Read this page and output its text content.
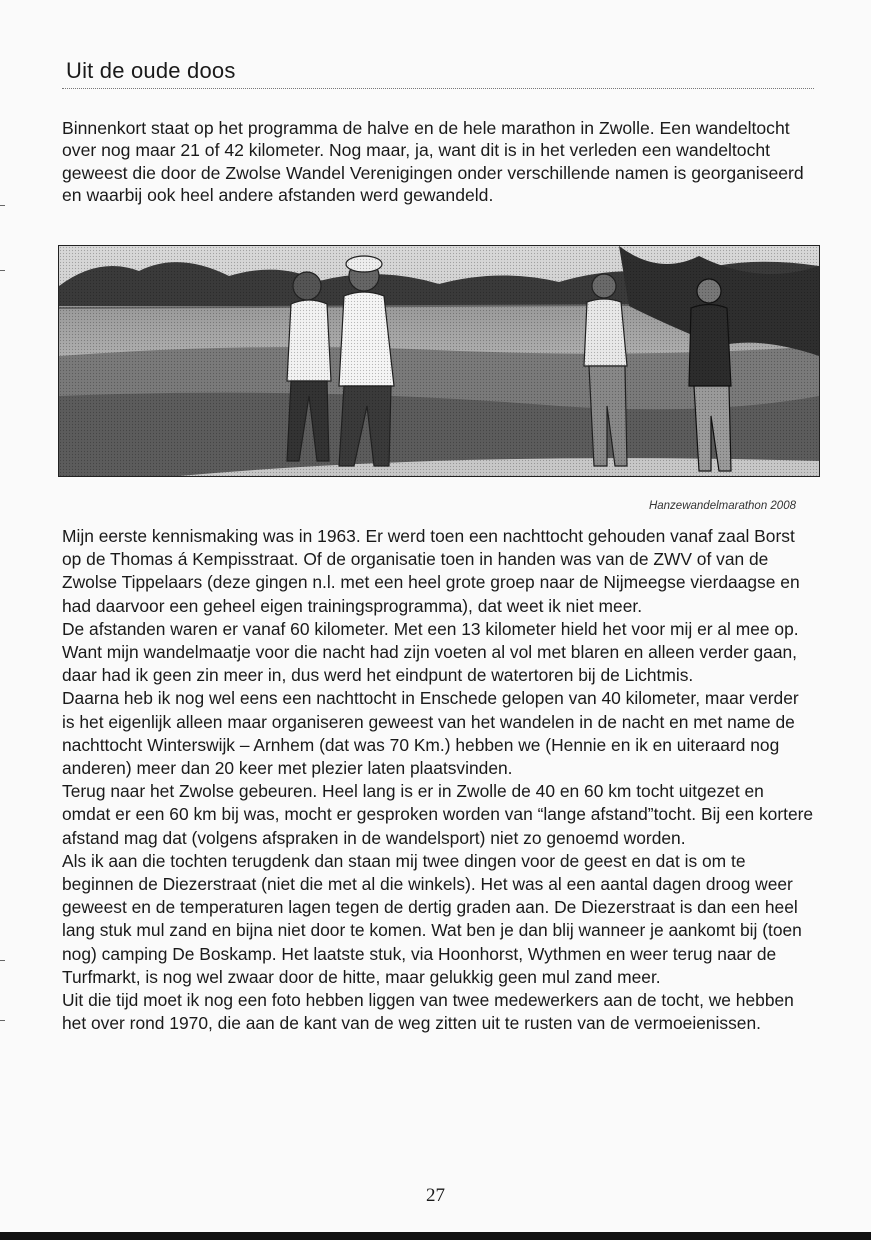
Uit de oude doos
Binnenkort staat op het programma de halve en de hele marathon in Zwolle. Een wandeltocht over nog maar 21 of 42 kilometer. Nog maar, ja, want dit is in het verleden een wandeltocht geweest die door de Zwolse Wandel Verenigingen onder verschillende namen is georganiseerd en waarbij ook heel andere afstanden werd gewandeld.
Hanzewandelmarathon 2008

Mijn eerste kennismaking was in 1963. Er werd toen een nachttocht gehouden vanaf zaal Borst op de Thomas á Kempisstraat. Of de organisatie toen in handen was van de ZWV of van de Zwolse Tippelaars (deze gingen n.l. met een heel grote groep naar de Nijmeegse vierdaagse en had daarvoor een geheel eigen trainingsprogramma), dat weet ik niet meer.

De afstanden waren er vanaf 60 kilometer. Met een 13 kilometer hield het voor mij er al mee op. Want mijn wandelmaatje voor die nacht had zijn voeten al vol met blaren en alleen verder gaan, daar had ik geen zin meer in, dus werd het eindpunt de watertoren bij de Lichtmis.

Daarna heb ik nog wel eens een nachttocht in Enschede gelopen van 40 kilometer, maar verder is het eigenlijk alleen maar organiseren geweest van het wandelen in de nacht en met name de nachttocht Winterswijk – Arnhem (dat was 70 Km.) hebben we (Hennie en ik en uiteraard nog anderen) meer dan 20 keer met plezier laten plaatsvinden.

Terug naar het Zwolse gebeuren. Heel lang is er in Zwolle de 40 en 60 km tocht uitgezet en omdat er een 60 km bij was, mocht er gesproken worden van “lange afstand”tocht. Bij een kortere afstand mag dat (volgens afspraken in de wandelsport) niet zo genoemd worden.

Als ik aan die tochten terugdenk dan staan mij twee dingen voor de geest en dat is om te beginnen de Diezerstraat (niet die met al die winkels). Het was al een aantal dagen droog weer geweest en de temperaturen lagen tegen de dertig graden aan. De Diezerstraat is dan een heel lang stuk mul zand en bijna niet door te komen. Wat ben je dan blij wanneer je aankomt bij (toen nog) camping De Boskamp. Het laatste stuk, via Hoonhorst, Wythmen en weer terug naar de Turfmarkt, is nog wel zwaar door de hitte, maar gelukkig geen mul zand meer.

Uit die tijd moet ik nog een foto hebben liggen van twee medewerkers aan de tocht, we hebben het over rond 1970, die aan de kant van de weg zitten uit te rusten van de vermoeienissen.

27
